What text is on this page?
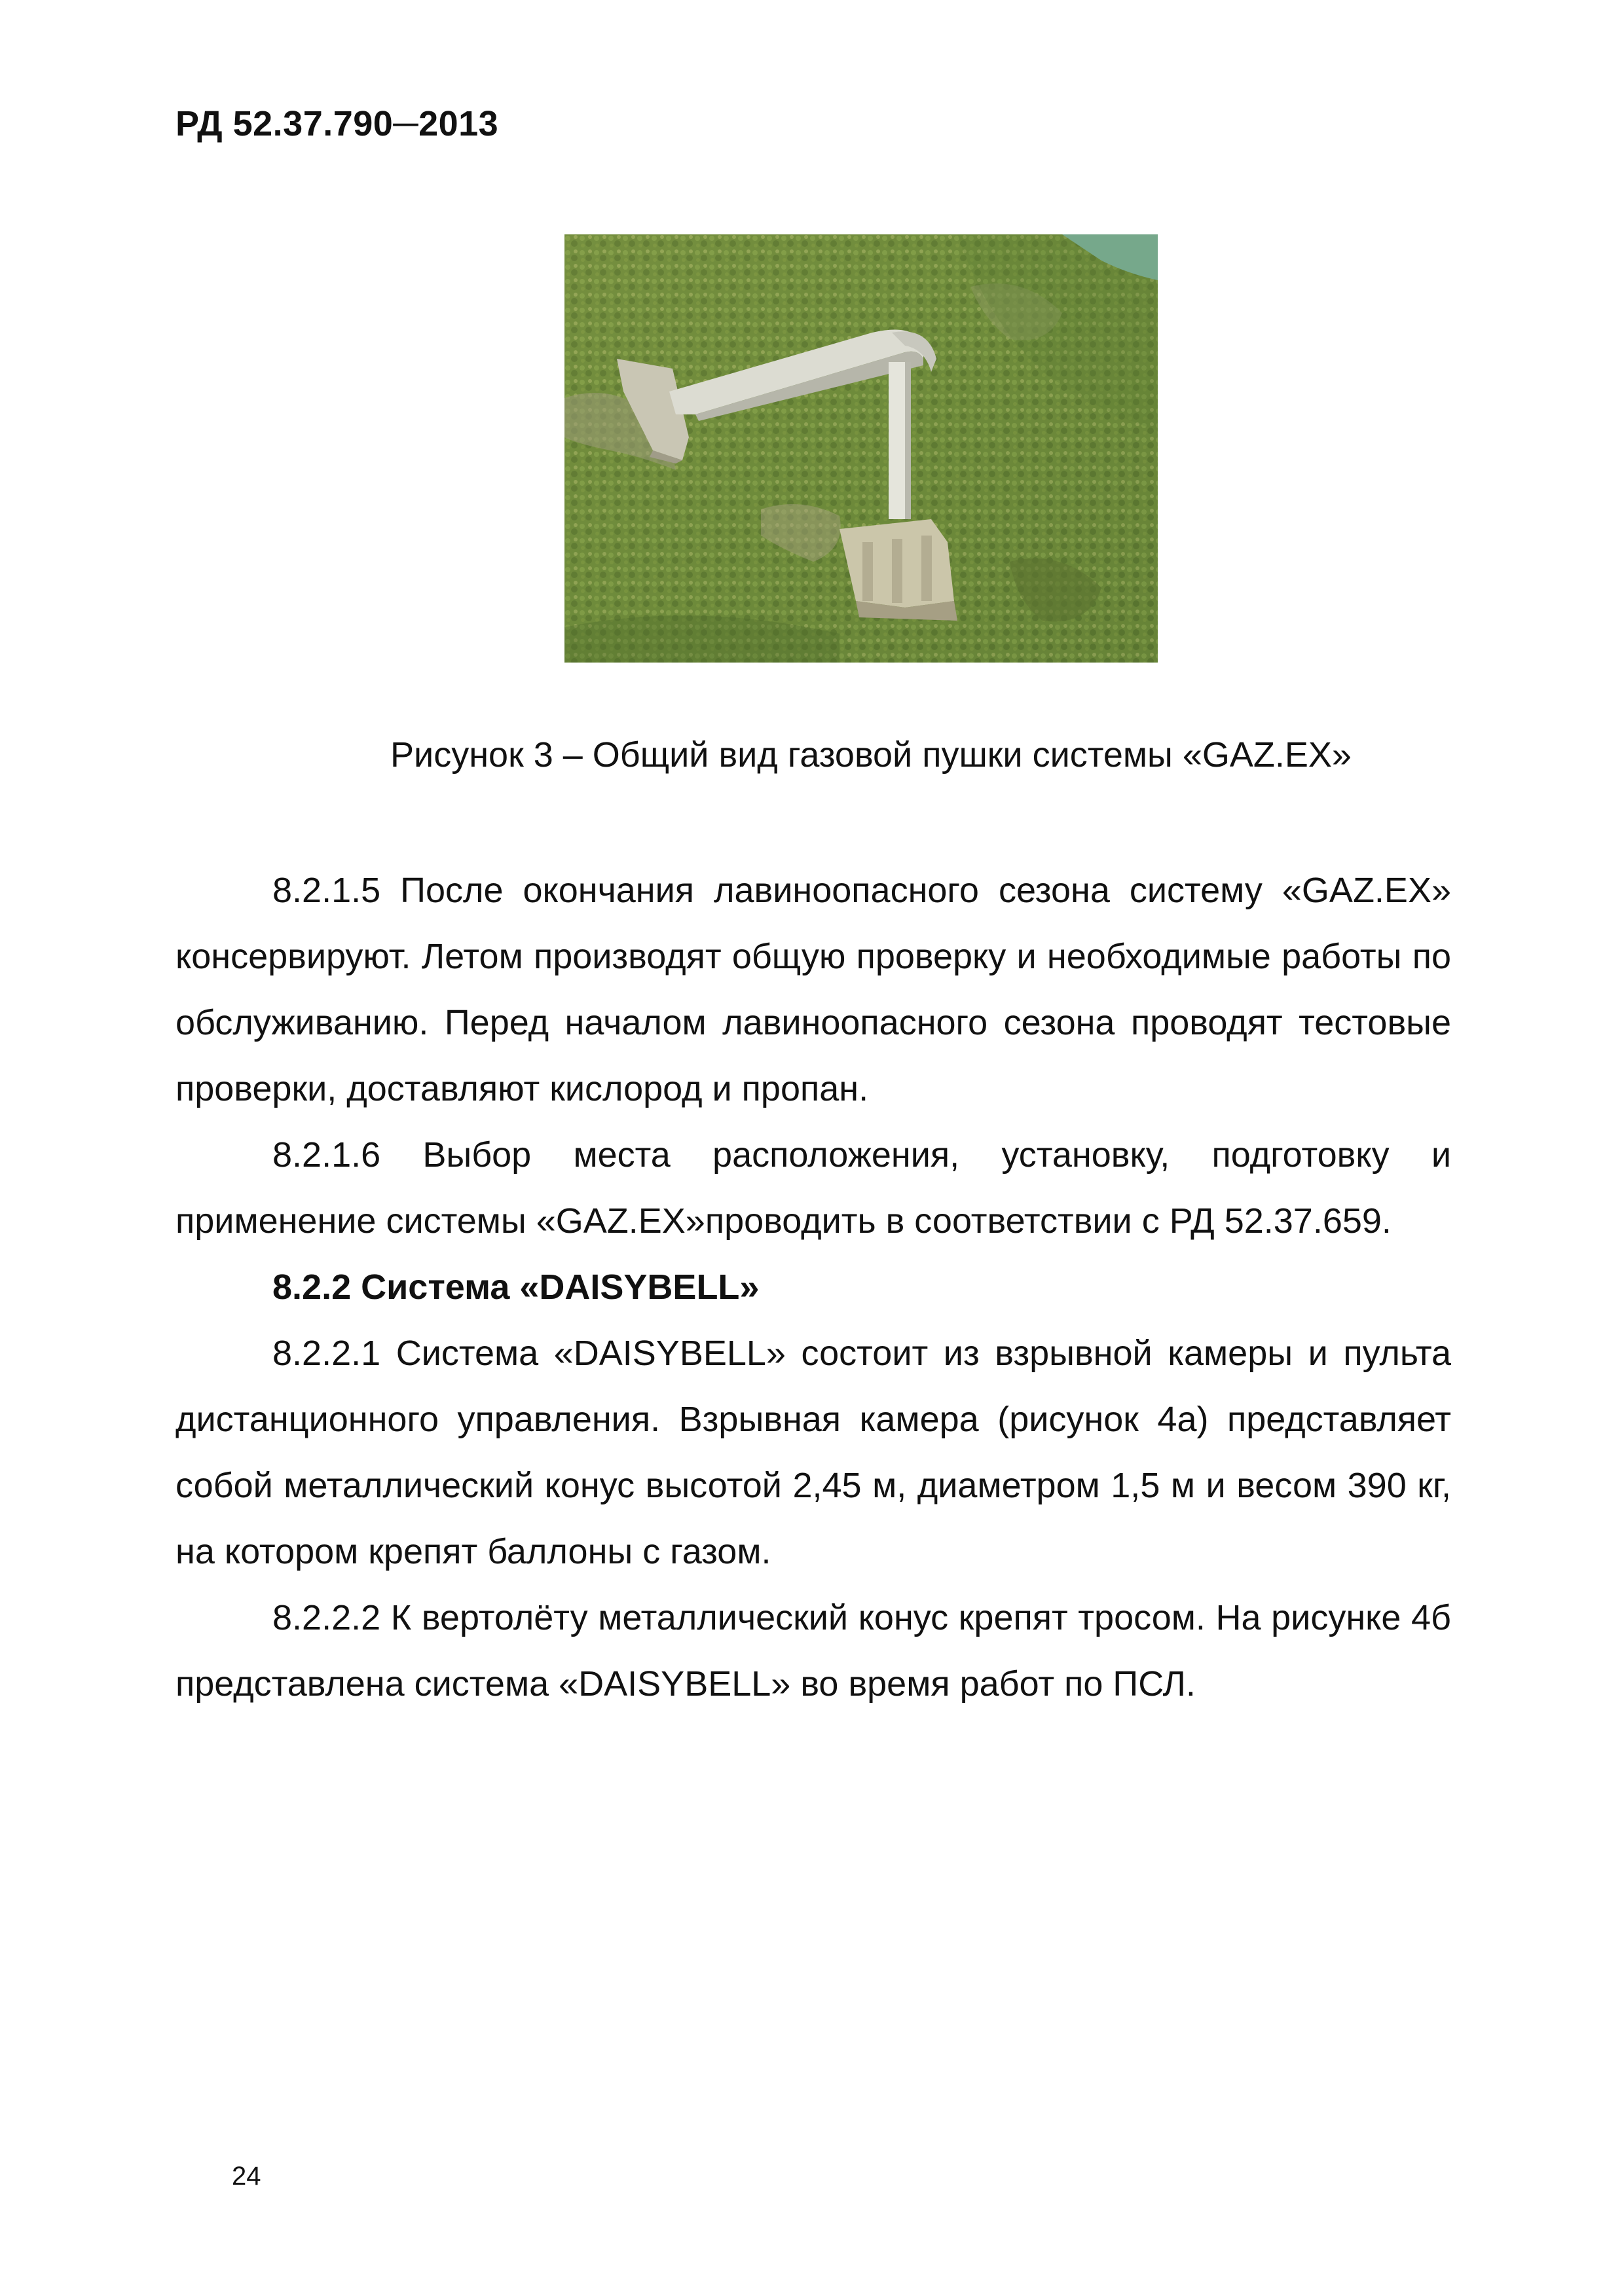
РД 52.37.790─2013
Рисунок 3 – Общий вид газовой пушки системы «GAZ.EX»

8.2.1.5 После окончания лавиноопасного сезона систему «GAZ.EX» консервируют. Летом производят общую проверку и необходимые работы по обслуживанию. Перед началом лавиноопасного сезона проводят тестовые проверки, доставляют кислород и пропан.

8.2.1.6 Выбор места расположения, установку, подготовку и применение системы «GAZ.EX»проводить в соответствии с РД 52.37.659.

8.2.2 Система «DAISYBELL»

8.2.2.1 Система «DAISYBELL» состоит из взрывной камеры и пульта дистанционного управления. Взрывная камера (рисунок 4а) представляет собой металлический конус высотой 2,45 м, диаметром 1,5 м и весом 390 кг, на котором крепят баллоны с газом.

8.2.2.2 К вертолёту металлический конус крепят тросом. На рисунке 4б представлена система «DAISYBELL» во время работ по ПСЛ.

24
